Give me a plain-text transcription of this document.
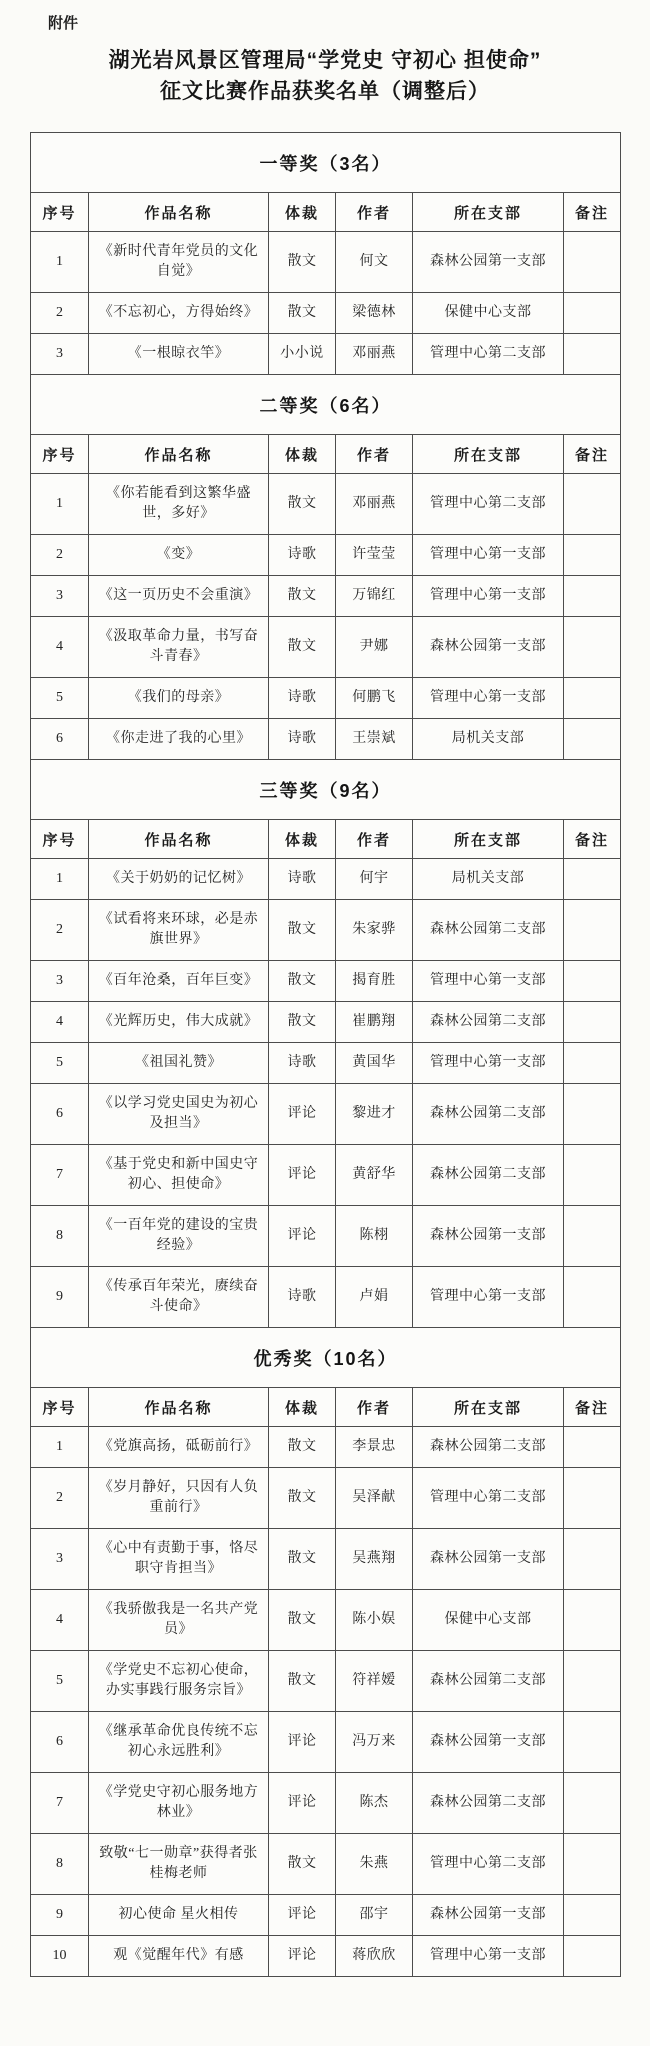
附件
湖光岩风景区管理局“学党史 守初心 担使命”
征文比赛作品获奖名单（调整后）
一等奖（3名）					
序号	作品名称	体裁	作者	所在支部	备注
1	《新时代青年党员的文化自觉》	散文	何文	森林公园第一支部	
2	《不忘初心，方得始终》	散文	梁德林	保健中心支部	
3	《一根晾衣竿》	小小说	邓丽燕	管理中心第二支部	
二等奖（6名）					
序号	作品名称	体裁	作者	所在支部	备注
1	《你若能看到这繁华盛世，多好》	散文	邓丽燕	管理中心第二支部	
2	《变》	诗歌	许莹莹	管理中心第一支部	
3	《这一页历史不会重演》	散文	万锦红	管理中心第一支部	
4	《汲取革命力量，书写奋斗青春》	散文	尹娜	森林公园第一支部	
5	《我们的母亲》	诗歌	何鹏飞	管理中心第一支部	
6	《你走进了我的心里》	诗歌	王崇斌	局机关支部	
三等奖（9名）					
序号	作品名称	体裁	作者	所在支部	备注
1	《关于奶奶的记忆树》	诗歌	何宇	局机关支部	
2	《试看将来环球，必是赤旗世界》	散文	朱家骅	森林公园第二支部	
3	《百年沧桑，百年巨变》	散文	揭育胜	管理中心第一支部	
4	《光辉历史，伟大成就》	散文	崔鹏翔	森林公园第二支部	
5	《祖国礼赞》	诗歌	黄国华	管理中心第一支部	
6	《以学习党史国史为初心及担当》	评论	黎进才	森林公园第二支部	
7	《基于党史和新中国史守初心、担使命》	评论	黄舒华	森林公园第二支部	
8	《一百年党的建设的宝贵经验》	评论	陈栩	森林公园第一支部	
9	《传承百年荣光，赓续奋斗使命》	诗歌	卢娟	管理中心第一支部	
优秀奖（10名）					
序号	作品名称	体裁	作者	所在支部	备注
1	《党旗高扬，砥砺前行》	散文	李景忠	森林公园第二支部	
2	《岁月静好，只因有人负重前行》	散文	吴泽献	管理中心第二支部	
3	《心中有责勤于事，恪尽职守肯担当》	散文	吴燕翔	森林公园第一支部	
4	《我骄傲我是一名共产党员》	散文	陈小娱	保健中心支部	
5	《学党史不忘初心使命，办实事践行服务宗旨》	散文	符祥嫒	森林公园第二支部	
6	《继承革命优良传统不忘初心永远胜利》	评论	冯万来	森林公园第一支部	
7	《学党史守初心服务地方林业》	评论	陈杰	森林公园第二支部	
8	致敬“七一勋章”获得者张桂梅老师	散文	朱燕	管理中心第二支部	
9	初心使命 星火相传	评论	邵宇	森林公园第一支部	
10	观《觉醒年代》有感	评论	蒋欣欣	管理中心第一支部	
